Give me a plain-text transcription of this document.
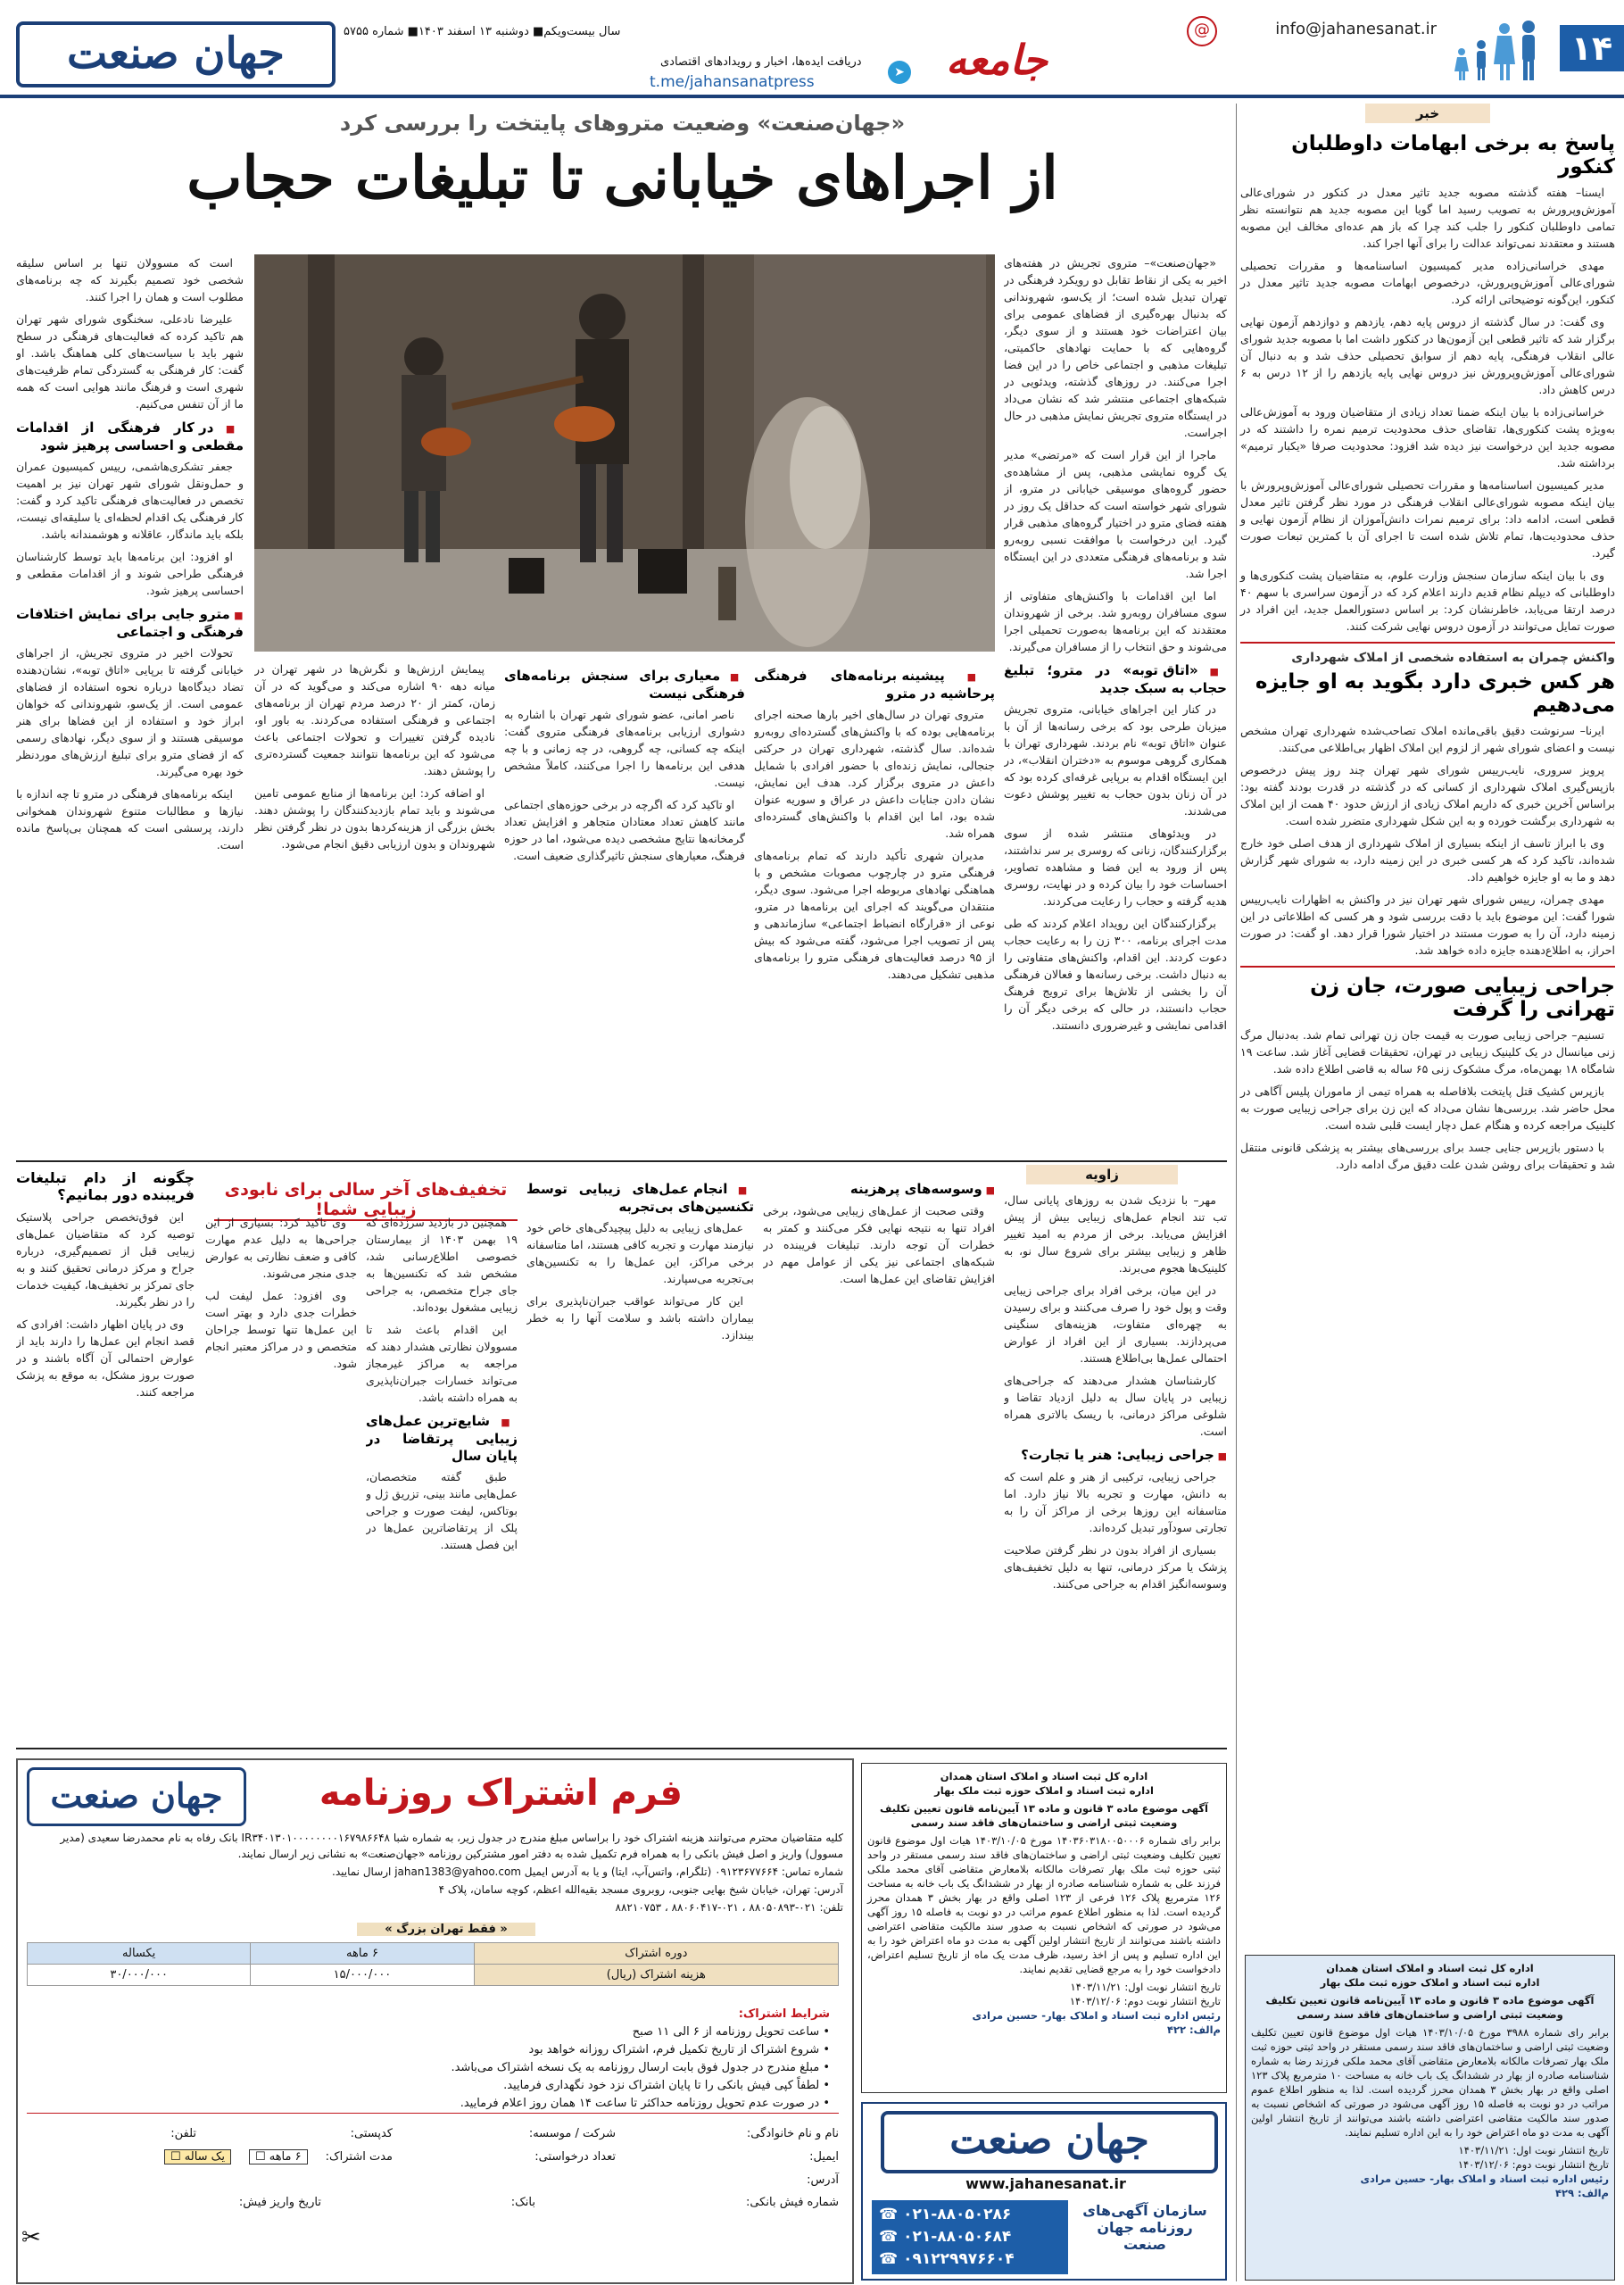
۱۴
info@jahanesanat.ir
@
جامعه
دریافت ایده‌ها، اخبار و رویدادهای اقتصادی
t.me/jahansanatpress
➤
سال بیست‌ویکم■ دوشنبه ۱۳ اسفند ۱۴۰۳■ شماره ۵۷۵۵
جهان صنعت
خبر
پاسخ به برخی ابهامات داوطلبان کنکور

ایسنا– هفته گذشته مصوبه جدید تاثیر معدل در کنکور در شورای‌عالی آموزش‌وپرورش به تصویب رسید اما گویا این مصوبه جدید هم نتوانسته نظر تمامی داوطلبان کنکور را جلب کند چرا که باز هم عده‌ای مخالف این مصوبه هستند و معتقدند نمی‌تواند عدالت را برای آنها اجرا کند.

مهدی خراسانی‌زاده مدیر کمیسیون اساسنامه‌ها و مقررات تحصیلی شورای‌عالی آموزش‌وپرورش، درخصوص ابهامات مصوبه جدید تاثیر معدل در کنکور، این‌گونه توضیحاتی ارائه کرد.

وی گفت: در سال گذشته از دروس پایه دهم، یازدهم و دوازدهم آزمون نهایی برگزار شد که تاثیر قطعی این آزمون‌ها در کنکور داشت اما با مصوبه جدید شورای عالی انقلاب فرهنگی، پایه دهم از سوابق تحصیلی حذف شد و به دنبال آن شورای‌عالی آموزش‌وپرورش نیز دروس نهایی پایه یازدهم را از ۱۲ درس به ۶ درس کاهش داد.

خراسانی‌زاده با بیان اینکه ضمنا تعداد زیادی از متقاضیان ورود به آموزش‌عالی به‌ویژه پشت کنکوری‌ها، تقاضای حذف محدودیت ترمیم نمره را داشتند که در مصوبه جدید این درخواست نیز دیده شد افزود: محدودیت صرفا «یکبار ترمیم» برداشته شد.

مدیر کمیسیون اساسنامه‌ها و مقررات تحصیلی شورای‌عالی آموزش‌وپرورش با بیان اینکه مصوبه شورای‌عالی انقلاب فرهنگی در مورد نظر گرفتن تاثیر معدل قطعی است، ادامه داد: برای ترمیم نمرات دانش‌آموزان از نظام آزمون نهایی و حذف محدودیت‌ها، تمام تلاش شده است تا اجرای آن با کمترین تبعات صورت گیرد.

وی با بیان اینکه سازمان سنجش وزارت علوم، به متقاضیان پشت کنکوری‌ها و داوطلبانی که دیپلم نظام قدیم دارند اعلام کرد که در آزمون سراسری با سهم ۴۰ درصد ارتقا می‌یابد، خاطرنشان کرد: بر اساس دستورالعمل جدید، این افراد در صورت تمایل می‌توانند در آزمون دروس نهایی شرکت کنند.

واکنش چمران به استفاده شخصی از املاک شهرداری
هر کس خبری دارد بگوید به او جایزه می‌دهیم

ایرنا– سرنوشت دقیق باقی‌مانده املاک تصاحب‌شده شهرداری تهران مشخص نیست و اعضای شورای شهر از لزوم این املاک اظهار بی‌اطلاعی می‌کنند.

پرویز سروری، نایب‌رییس شورای شهر تهران چند روز پیش درخصوص بازپس‌گیری املاک شهرداری از کسانی که در گذشته در قدرت بودند گفته بود: براساس آخرین خبری که داریم املاک زیادی از ارزش حدود ۴۰ همت از این املاک به شهرداری برگشت خورده و به این شکل شهرداری متضرر شده است.

وی با ابراز تاسف از اینکه بسیاری از املاک شهرداری از هدف اصلی خود خارج شده‌اند، تاکید کرد که هر کسی خبری در این زمینه دارد، به شورای شهر گزارش دهد و ما به او جایزه خواهیم داد.

مهدی چمران، رییس شورای شهر تهران نیز در واکنش به اظهارات نایب‌رییس شورا گفت: این موضوع باید با دقت بررسی شود و هر کسی که اطلاعاتی در این زمینه دارد، آن را به صورت مستند در اختیار شورا قرار دهد. او گفت: در صورت احراز، به اطلاع‌دهنده جایزه داده خواهد شد.

جراحی زیبایی صورت، جان زن تهرانی را گرفت

تسنیم– جراحی زیبایی صورت به قیمت جان زن تهرانی تمام شد. به‌دنبال مرگ زنی میانسال در یک کلینیک زیبایی در تهران، تحقیقات قضایی آغاز شد. ساعت ۱۹ شامگاه ۱۸ بهمن‌ماه، مرگ مشکوک زنی ۶۵ ساله به قاضی اطلاع داده شد.

بازپرس کشیک قتل پایتخت بلافاصله به همراه تیمی از ماموران پلیس آگاهی در محل حاضر شد. بررسی‌ها نشان می‌داد که این زن برای جراحی زیبایی صورت به کلینیک مراجعه کرده و هنگام عمل دچار ایست قلبی شده است.

با دستور بازپرس جنایی جسد برای بررسی‌های بیشتر به پزشکی قانونی منتقل شد و تحقیقات برای روشن شدن علت دقیق مرگ ادامه دارد.

«جهان‌صنعت» وضعیت متروهای پایتخت را بررسی کرد
از اجراهای خیابانی تا تبلیغات حجاب

«جهان‌صنعت»– متروی تجریش در هفته‌های اخیر به یکی از نقاط تقابل دو رویکرد فرهنگی در تهران تبدیل شده است؛ از یک‌سو، شهروندانی که بدنبال بهره‌گیری از فضاهای عمومی برای بیان اعتراضات خود هستند و از سوی دیگر، گروه‌هایی که با حمایت نهادهای حاکمیتی، تبلیغات مذهبی و اجتماعی خاص را در این فضا اجرا می‌کنند. در روزهای گذشته، ویدئویی در شبکه‌های اجتماعی منتشر شد که نشان می‌داد در ایستگاه متروی تجریش نمایش مذهبی در حال اجراست.

ماجرا از این قرار است که «مرتضی» مدیر یک گروه نمایشی مذهبی، پس از مشاهده‌ی حضور گروه‌های موسیقی خیابانی در مترو، از شورای شهر خواسته است که حداقل یک روز در هفته فضای مترو در اختیار گروه‌های مذهبی قرار گیرد. این درخواست با موافقت نسبی روبه‌رو شد و برنامه‌های فرهنگی متعددی در این ایستگاه اجرا شد.

اما این اقدامات با واکنش‌های متفاوتی از سوی مسافران روبه‌رو شد. برخی از شهروندان معتقدند که این برنامه‌ها به‌صورت تحمیلی اجرا می‌شوند و حق انتخاب را از مسافران می‌گیرند.

■ «اتاق توبه» در مترو؛ تبلیغ حجاب به سبک جدید

در کنار این اجراهای خیابانی، متروی تجریش میزبان طرحی بود که برخی رسانه‌ها از آن با عنوان «اتاق توبه» نام بردند. شهرداری تهران با همکاری گروهی موسوم به «دختران انقلاب»، در این ایستگاه اقدام به برپایی غرفه‌ای کرده بود که در آن زنان بدون حجاب به تغییر پوشش دعوت می‌شدند.

در ویدئوهای منتشر شده از سوی برگزارکنندگان، زنانی که روسری بر سر نداشتند، پس از ورود به این فضا و مشاهده تصاویر، احساسات خود را بیان کرده و در نهایت، روسری هدیه گرفته و حجاب را رعایت می‌کردند.

برگزارکنندگان این رویداد اعلام کردند که طی مدت اجرای برنامه، ۳۰۰ زن را به رعایت حجاب دعوت کردند. این اقدام، واکنش‌های متفاوتی را به دنبال داشت. برخی رسانه‌ها و فعالان فرهنگی آن را بخشی از تلاش‌ها برای ترویج فرهنگ حجاب دانستند، در حالی که برخی دیگر آن را اقدامی نمایشی و غیرضروری دانستند.

■ پیشینه برنامه‌های فرهنگی پرحاشیه در مترو

متروی تهران در سال‌های اخیر بارها صحنه اجرای برنامه‌هایی بوده که با واکنش‌های گسترده‌ای روبه‌رو شده‌اند. سال گذشته، شهرداری تهران در حرکتی جنجالی، نمایش زنده‌ای با حضور افرادی با شمایل داعش در متروی برگزار کرد. هدف این نمایش، نشان دادن جنایات داعش در عراق و سوریه عنوان شده بود، اما این اقدام با واکنش‌های گسترده‌ای همراه شد.

مدیران شهری تأکید دارند که تمام برنامه‌های فرهنگی مترو در چارچوب مصوبات مشخص و با هماهنگی نهادهای مربوطه اجرا می‌شود. سوی دیگر، منتقدان می‌گویند که اجرای این برنامه‌ها در مترو، نوعی از «قرارگاه انضباط اجتماعی» سازماندهی و پس از تصویب اجرا می‌شود، گفته می‌شود که بیش از ۹۵ درصد فعالیت‌های فرهنگی مترو را برنامه‌های مذهبی تشکیل می‌دهند.

■ معیاری برای سنجش برنامه‌های فرهنگی نیست

ناصر امانی، عضو شورای شهر تهران با اشاره به دشواری ارزیابی برنامه‌های فرهنگی متروی گفت: اینکه چه کسانی، چه گروهی، در چه زمانی و با چه هدفی این برنامه‌ها را اجرا می‌کنند، کاملاً مشخص نیست.

او تاکید کرد که اگرچه در برخی حوزه‌های اجتماعی مانند کاهش تعداد معتادان متجاهر و افزایش تعداد گرمخانه‌ها نتایج مشخصی دیده می‌شود، اما در حوزه فرهنگ، معیارهای سنجش تاثیرگذاری ضعیف است.

پیمایش ارزش‌ها و نگرش‌ها در شهر تهران در میانه دهه ۹۰ اشاره می‌کند و می‌گوید که در آن زمان، کمتر از ۲۰ درصد مردم تهران از برنامه‌های اجتماعی و فرهنگی استفاده می‌کردند. به باور او، نادیده گرفتن تغییرات و تحولات اجتماعی باعث می‌شود که این برنامه‌ها نتوانند جمعیت گسترده‌تری را پوشش دهند.

او اضافه کرد: این برنامه‌ها از منابع عمومی تامین می‌شوند و باید تمام بازدیدکنندگان را پوشش دهند. بخش بزرگی از هزینه‌کردها بدون در نظر گرفتن نظر شهروندان و بدون ارزیابی دقیق انجام می‌شود.

است که مسوولان تنها بر اساس سلیقه شخصی خود تصمیم بگیرند که چه برنامه‌های مطلوب است و همان را اجرا کنند.

علیرضا نادعلی، سخنگوی شورای شهر تهران هم تاکید کرده که فعالیت‌های فرهنگی در سطح شهر باید با سیاست‌های کلی هماهنگ باشد. او گفت: کار فرهنگی به گستردگی تمام ظرفیت‌های شهری است و فرهنگ مانند هوایی است که همه ما از آن تنفس می‌کنیم.

■ در کار فرهنگی از اقدامات مقطعی و احساسی پرهیز شود

جعفر تشکری‌هاشمی، رییس کمیسیون عمران و حمل‌ونقل شورای شهر تهران نیز بر اهمیت تخصص در فعالیت‌های فرهنگی تاکید کرد و گفت: کار فرهنگی یک اقدام لحظه‌ای یا سلیقه‌ای نیست، بلکه باید ماندگار، عاقلانه و هوشمندانه باشد.

او افزود: این برنامه‌ها باید توسط کارشناسان فرهنگی طراحی شوند و از اقدامات مقطعی و احساسی پرهیز شود.

■ مترو جایی برای نمایش اختلافات فرهنگی و اجتماعی

تحولات اخیر در متروی تجریش، از اجراهای خیابانی گرفته تا برپایی «اتاق توبه»، نشان‌دهنده تضاد دیدگاه‌ها درباره نحوه استفاده از فضاهای عمومی است. از یک‌سو، شهروندانی که خواهان ابراز خود و استفاده از این فضاها برای هنر موسیقی هستند و از سوی دیگر، نهادهای رسمی که از فضای مترو برای تبلیغ ارزش‌های موردنظر خود بهره می‌گیرند.

اینکه برنامه‌های فرهنگی در مترو تا چه اندازه با نیازها و مطالبات متنوع شهروندان همخوانی دارند، پرسشی است که همچنان بی‌پاسخ مانده است.

زاویه

مهر– با نزدیک شدن به روزهای پایانی سال، تب تند انجام عمل‌های زیبایی بیش از پیش افزایش می‌یابد. برخی از مردم به امید تغییر ظاهر و زیبایی بیشتر برای شروع سال نو، به کلینیک‌ها هجوم می‌برند.

در این میان، برخی افراد برای جراحی زیبایی وقت و پول خود را صرف می‌کنند و برای رسیدن به چهره‌ای متفاوت، هزینه‌های سنگینی می‌پردازند. بسیاری از این افراد از عوارض احتمالی عمل‌ها بی‌اطلاع هستند.

کارشناسان هشدار می‌دهند که جراحی‌های زیبایی در پایان سال به دلیل ازدیاد تقاضا و شلوغی مراکز درمانی، با ریسک بالاتری همراه است.

■ جراحی زیبایی: هنر یا تجارت؟

جراحی زیبایی، ترکیبی از هنر و علم است که به دانش، مهارت و تجربه بالا نیاز دارد. اما متاسفانه این روزها برخی از مراکز آن را به تجارتی سودآور تبدیل کرده‌اند.

بسیاری از افراد بدون در نظر گرفتن صلاحیت پزشک یا مرکز درمانی، تنها به دلیل تخفیف‌های وسوسه‌انگیز اقدام به جراحی می‌کنند.

■ وسوسه‌های پرهزینه

وقتی صحبت از عمل‌های زیبایی می‌شود، برخی افراد تنها به نتیجه نهایی فکر می‌کنند و کمتر به خطرات آن توجه دارند. تبلیغات فریبنده در شبکه‌های اجتماعی نیز یکی از عوامل مهم در افزایش تقاضای این عمل‌ها است.

■ انجام عمل‌های زیبایی توسط تکنسین‌های بی‌تجربه

عمل‌های زیبایی به دلیل پیچیدگی‌های خاص خود نیازمند مهارت و تجربه کافی هستند، اما متاسفانه برخی مراکز، این عمل‌ها را به تکنسین‌های بی‌تجربه می‌سپارند.

این کار می‌تواند عواقب جبران‌ناپذیری برای بیماران داشته باشد و سلامت آنها را به خطر بیندازد.

تخفیف‌های آخر سالی برای نابودی زیبایی شما!

همچنین در بازدید سرزده‌ای که ۱۹ بهمن ۱۴۰۳ از بیمارستان خصوصی اطلاع‌رسانی شد، مشخص شد که تکنسین‌ها به جای جراح متخصص، به جراحی زیبایی مشغول بوده‌اند.

این اقدام باعث شد تا مسوولان نظارتی هشدار دهند که مراجعه به مراکز غیرمجاز می‌تواند خسارات جبران‌ناپذیری به همراه داشته باشد.

■ شایع‌ترین عمل‌های زیبایی پرتقاضا در پایان سال

طبق گفته متخصصان، عمل‌هایی مانند بینی، تزریق ژل و بوتاکس، لیفت صورت و جراحی پلک از پرتقاضاترین عمل‌ها در این فصل هستند.

وی تاکید کرد: بسیاری از این جراحی‌ها به دلیل عدم مهارت کافی و ضعف نظارتی به عوارض جدی منجر می‌شوند.

وی افزود: عمل لیفت لب خطرات جدی دارد و بهتر است این عمل‌ها تنها توسط جراحان متخصص و در مراکز معتبر انجام شود.

چگونه از دام تبلیغات فریبنده دور بمانیم؟

این فوق‌تخصص جراحی پلاستیک توصیه کرد که متقاضیان عمل‌های زیبایی قبل از تصمیم‌گیری، درباره جراح و مرکز درمانی تحقیق کنند و به جای تمرکز بر تخفیف‌ها، کیفیت خدمات را در نظر بگیرند.

وی در پایان اظهار داشت: افرادی که قصد انجام این عمل‌ها را دارند باید از عوارض احتمالی آن آگاه باشند و در صورت بروز مشکل، به موقع به پزشک مراجعه کنند.

جهان صنعت	فرم اشتراک روزنامه
کلیه متقاضیان محترم می‌توانند هزینه اشتراک خود را براساس مبلغ مندرج در جدول زیر، به شماره شبا IR۳۴۰۱۳۰۱۰۰۰۰۰۰۰۰۱۶۷۹۸۶۶۴۸ بانک رفاه به نام محمدرضا سعیدی (مدیر مسوول) واریز و اصل فیش بانکی را به همراه فرم تکمیل شده به دفتر امور مشترکین روزنامه «جهان‌صنعت» به نشانی زیر ارسال نمایند.
شماره تماس: ۰۹۱۲۳۶۷۷۶۶۴ (تلگرام، واتس‌آپ، ایتا) و یا به آدرس ایمیل jahan1383@yahoo.com ارسال نمایید.
آدرس: تهران، خیابان شیخ بهایی جنوبی، روبروی مسجد بقیه‌الله اعظم، کوچه سامان، پلاک ۴
تلفن: ۰۲۱-۸۸۰۵۰۸۹۳ ، ۰۲۱-۸۸۰۶۰۴۱۷ ، ۸۸۲۱۰۷۵۳
« فقط تهران بزرگ »
دوره اشتراک	۶ ماهه	یکساله
هزینه اشتراک (ریال)	۱۵/۰۰۰/۰۰۰	۳۰/۰۰۰/۰۰۰
شرایط اشتراک:
• ساعت تحویل روزنامه از ۶ الی ۱۱ صبح
• شروع اشتراک از تاریخ تکمیل فرم، اشتراک روزانه خواهد بود
• مبلغ مندرج در جدول فوق بابت ارسال روزنامه به یک نسخه اشتراک می‌باشد.
• لطفاً کپی فیش بانکی را تا پایان اشتراک نزد خود نگهداری فرمایید.
• در صورت عدم تحویل روزنامه حداکثر تا ساعت ۱۴ همان روز اعلام فرمایید.
نام و نام خانوادگی:
شرکت / موسسه:
کدپستی:
تلفن:
ایمیل:
تعداد درخواستی:
مدت اشتراک:
۶ ماهه ☐
یک ساله ☐
آدرس:
شماره فیش بانکی:
بانک:
تاریخ واریز فیش:
✂
اداره کل ثبت اسناد و املاک استان همدان
اداره ثبت اسناد و املاک حوزه ثبت ملک بهار
آگهی موضوع ماده ۳ قانون و ماده ۱۳ آیین‌نامه قانون تعیین تکلیف وضعیت ثبتی اراضی و ساختمان‌های فاقد سند رسمی
برابر رای شماره ۱۴۰۳۶۰۳۱۸۰۰۵۰۰۰۶ مورخ ۱۴۰۳/۱۰/۰۵ هیات اول موضوع قانون تعیین تکلیف وضعیت ثبتی اراضی و ساختمان‌های فاقد سند رسمی مستقر در واحد ثبتی حوزه ثبت ملک بهار تصرفات مالکانه بلامعارض متقاضی آقای محمد ملکی فرزند علی به شماره شناسنامه صادره از بهار در ششدانگ یک باب خانه به مساحت ۱۲۶ مترمربع پلاک ۱۲۶ فرعی از ۱۲۳ اصلی واقع در بهار بخش ۳ همدان محرز گردیده است. لذا به منظور اطلاع عموم مراتب در دو نوبت به فاصله ۱۵ روز آگهی می‌شود در صورتی که اشخاص نسبت به صدور سند مالکیت متقاضی اعتراضی داشته باشند می‌توانند از تاریخ انتشار اولین آگهی به مدت دو ماه اعتراض خود را به این اداره تسلیم و پس از اخذ رسید، ظرف مدت یک ماه از تاریخ تسلیم اعتراض، دادخواست خود را به مرجع قضایی تقدیم نمایند.
تاریخ انتشار نوبت اول: ۱۴۰۳/۱۱/۲۱
تاریخ انتشار نوبت دوم: ۱۴۰۳/۱۲/۰۶
رئیس اداره ثبت اسناد و املاک بهار- حسین مرادی
م‌الف: ۴۲۲
اداره کل ثبت اسناد و املاک استان همدان
اداره ثبت اسناد و املاک حوزه ثبت ملک بهار
آگهی موضوع ماده ۳ قانون و ماده ۱۳ آیین‌نامه قانون تعیین تکلیف وضعیت ثبتی اراضی و ساختمان‌های فاقد سند رسمی
برابر رای شماره ۳۹۸۸ مورخ ۱۴۰۳/۱۰/۰۵ هیات اول موضوع قانون تعیین تکلیف وضعیت ثبتی اراضی و ساختمان‌های فاقد سند رسمی مستقر در واحد ثبتی حوزه ثبت ملک بهار تصرفات مالکانه بلامعارض متقاضی آقای محمد ملکی فرزند رضا به شماره شناسنامه صادره از بهار در ششدانگ یک باب خانه به مساحت ۱۰ مترمربع پلاک ۱۲۳ اصلی واقع در بهار بخش ۳ همدان محرز گردیده است. لذا به منظور اطلاع عموم مراتب در دو نوبت به فاصله ۱۵ روز آگهی می‌شود در صورتی که اشخاص نسبت به صدور سند مالکیت متقاضی اعتراضی داشته باشند می‌توانند از تاریخ انتشار اولین آگهی به مدت دو ماه اعتراض خود را به این اداره تسلیم نمایند.
تاریخ انتشار نوبت اول: ۱۴۰۳/۱۱/۲۱
تاریخ انتشار نوبت دوم: ۱۴۰۳/۱۲/۰۶
رئیس اداره ثبت اسناد و املاک بهار- حسین مرادی
م‌الف: ۴۲۹
جهان صنعت
www.jahanesanat.ir
سازمان آگهی‌های
روزنامه جهان صنعت
☎ ۰۲۱-۸۸۰۵۰۲۸۶
☎ ۰۲۱-۸۸۰۵۰۶۸۴
☎ ۰۹۱۲۲۹۹۷۶۶۰۴
